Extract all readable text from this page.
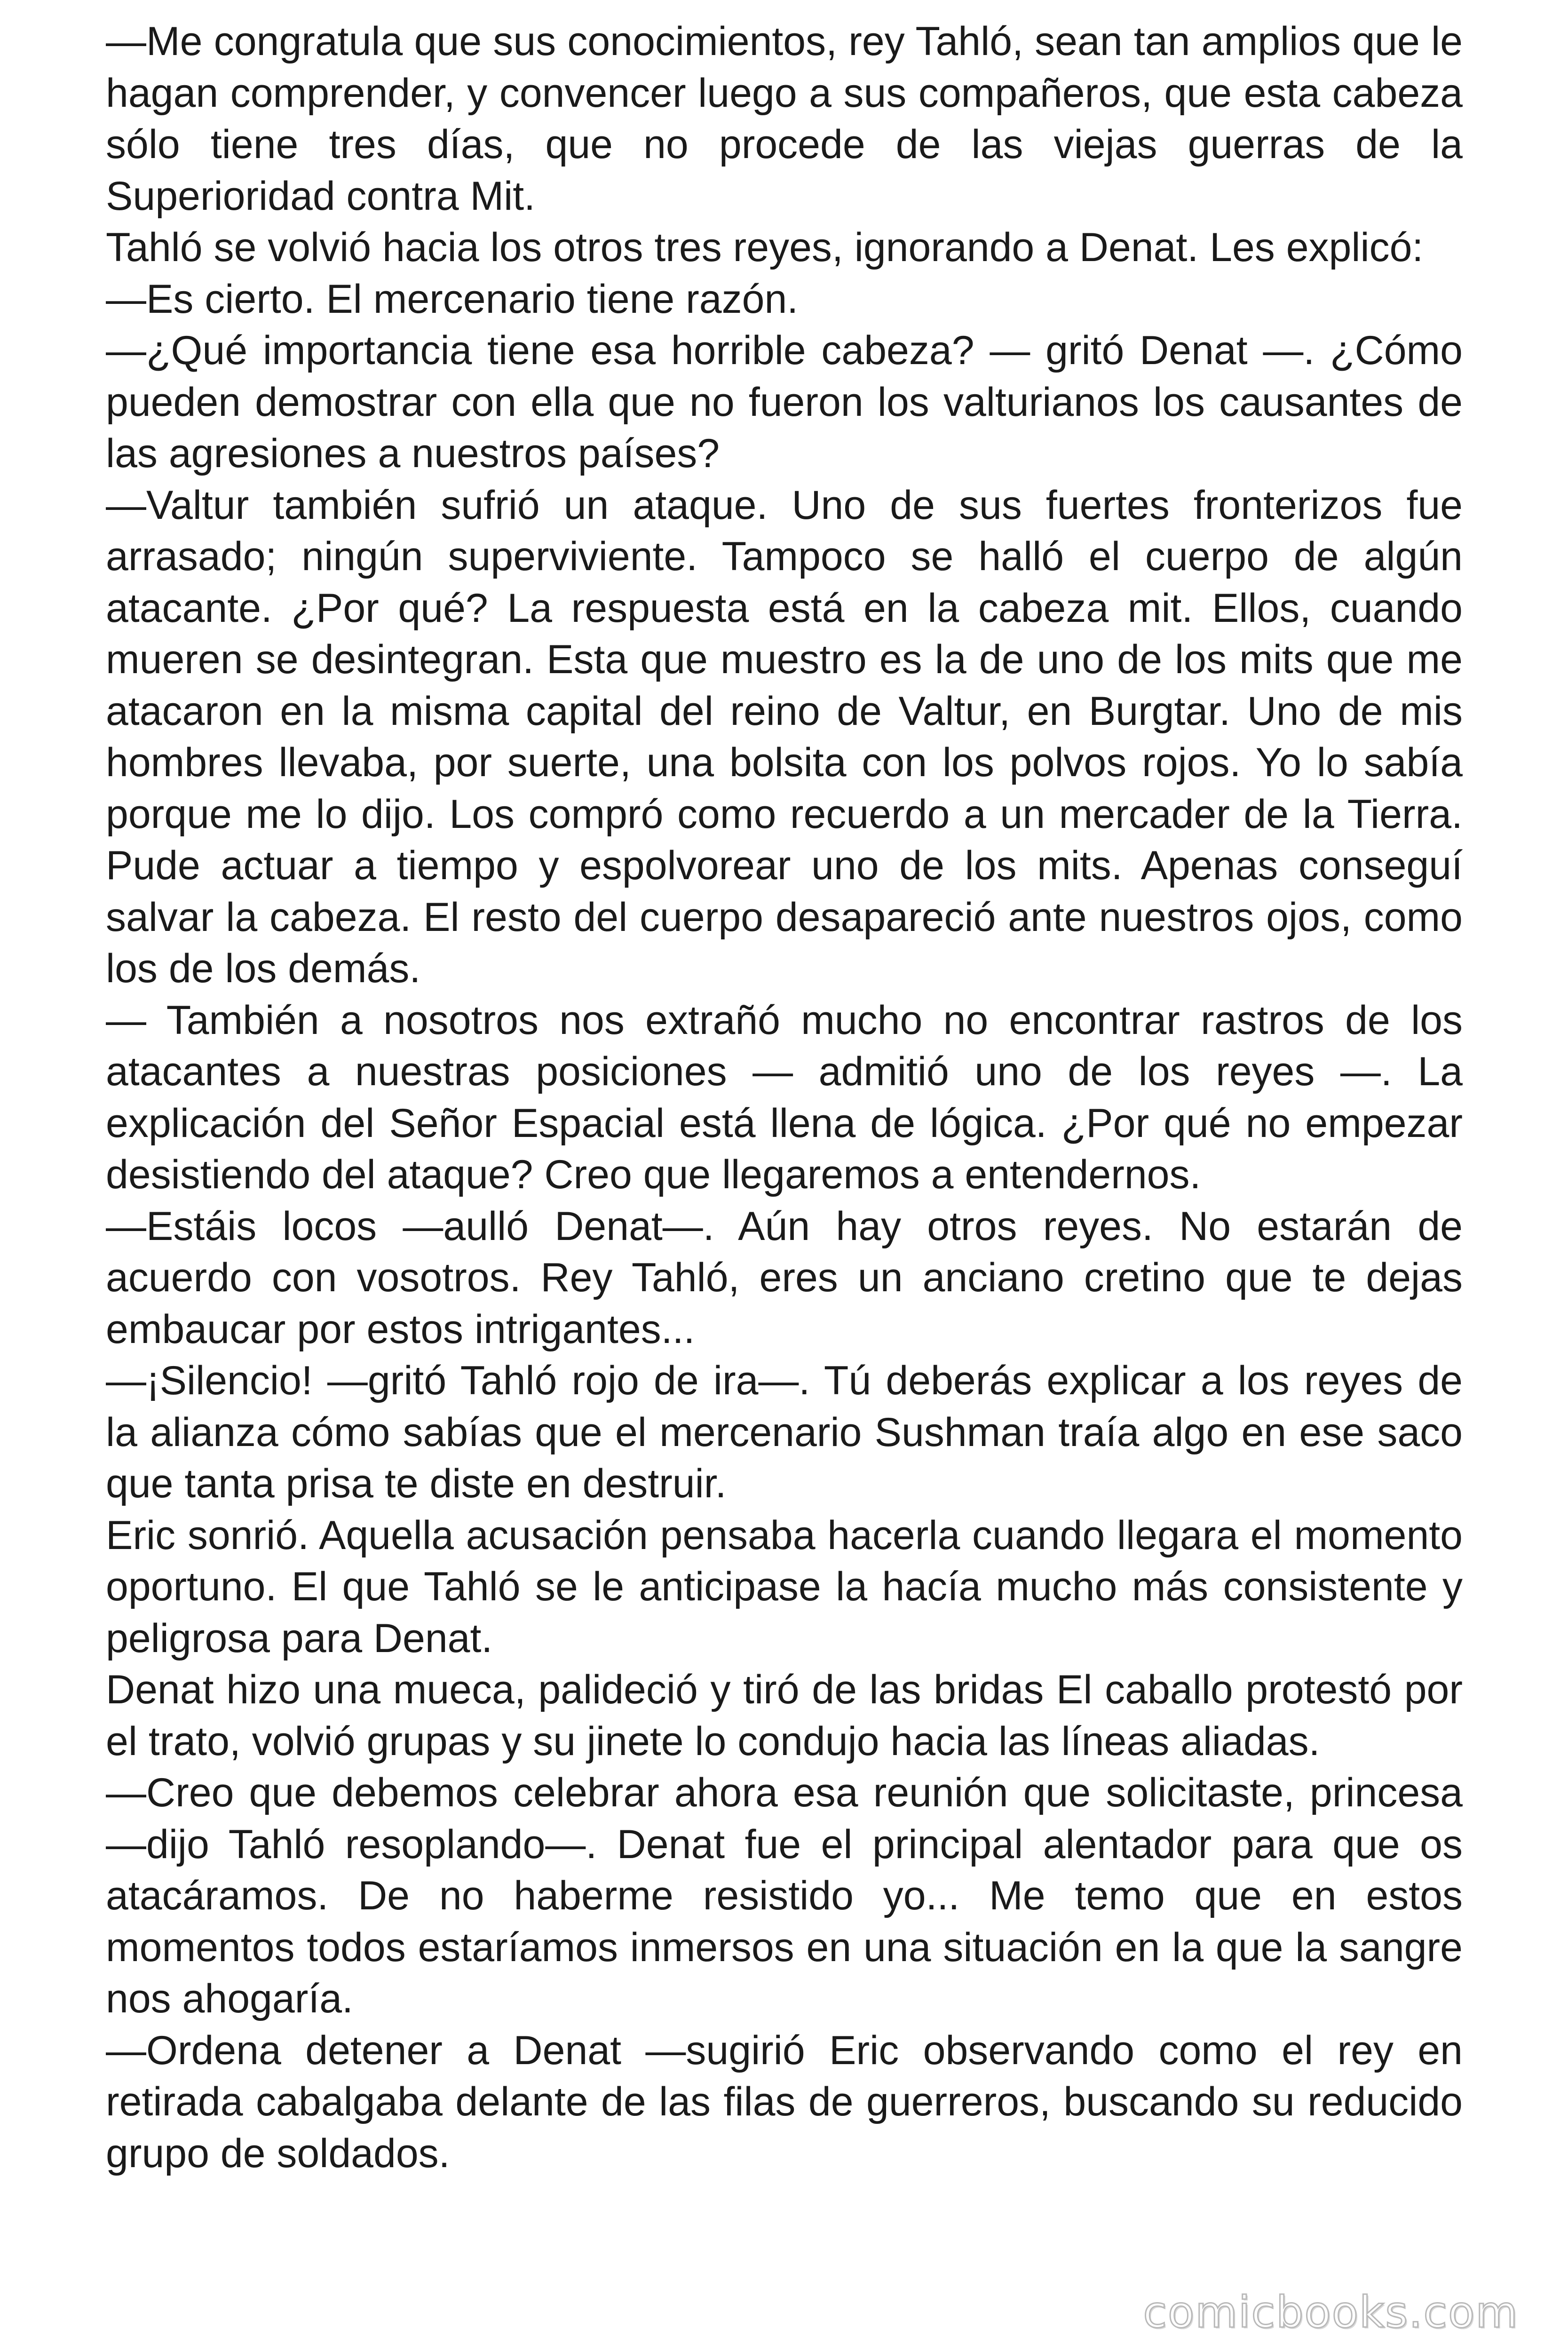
—Me congratula que sus conocimientos, rey Tahló, sean tan amplios que le hagan comprender, y convencer luego a sus compañeros, que esta cabeza sólo tiene tres días, que no procede de las viejas guerras de la Superioridad contra Mit.

Tahló se volvió hacia los otros tres reyes, ignorando a Denat. Les explicó:

—Es cierto. El mercenario tiene razón.

—¿Qué importancia tiene esa horrible cabeza? — gritó Denat —. ¿Cómo pueden demostrar con ella que no fueron los valturianos los causantes de las agresiones a nuestros países?

—Valtur también sufrió un ataque. Uno de sus fuertes fronterizos fue arrasado; ningún superviviente. Tampoco se halló el cuerpo de algún atacante. ¿Por qué? La respuesta está en la cabeza mit. Ellos, cuando mueren se desintegran. Esta que muestro es la de uno de los mits que me atacaron en la misma capital del reino de Valtur, en Burgtar. Uno de mis hombres llevaba, por suerte, una bolsita con los polvos rojos. Yo lo sabía porque me lo dijo. Los compró como recuerdo a un mercader de la Tierra. Pude actuar a tiempo y espolvorear uno de los mits. Apenas conseguí salvar la cabeza. El resto del cuerpo desapareció ante nuestros ojos, como los de los demás.

— También a nosotros nos extrañó mucho no encontrar rastros de los atacantes a nuestras posiciones — admitió uno de los reyes —. La explicación del Señor Espacial está llena de lógica. ¿Por qué no empezar desistiendo del ataque? Creo que llegaremos a entendernos.

—Estáis locos —aulló Denat—. Aún hay otros reyes. No estarán de acuerdo con vosotros. Rey Tahló, eres un anciano cretino que te dejas embaucar por estos intrigantes...

—¡Silencio! —gritó Tahló rojo de ira—. Tú deberás explicar a los reyes de la alianza cómo sabías que el mercenario Sushman traía algo en ese saco que tanta prisa te diste en destruir.

Eric sonrió. Aquella acusación pensaba hacerla cuando llegara el momento oportuno. El que Tahló se le anticipase la hacía mucho más consistente y peligrosa para Denat.

Denat hizo una mueca, palideció y tiró de las bridas El caballo protestó por el trato, volvió grupas y su jinete lo condujo hacia las líneas aliadas.

—Creo que debemos celebrar ahora esa reunión que solicitaste, princesa —dijo Tahló resoplando—. Denat fue el principal alentador para que os atacáramos. De no haberme resistido yo... Me temo que en estos momentos todos estaríamos inmersos en una situación en la que la sangre nos ahogaría.

—Ordena detener a Denat —sugirió Eric observando como el rey en retirada cabalgaba delante de las filas de guerreros, buscando su reducido grupo de soldados.

comicbooks.com
